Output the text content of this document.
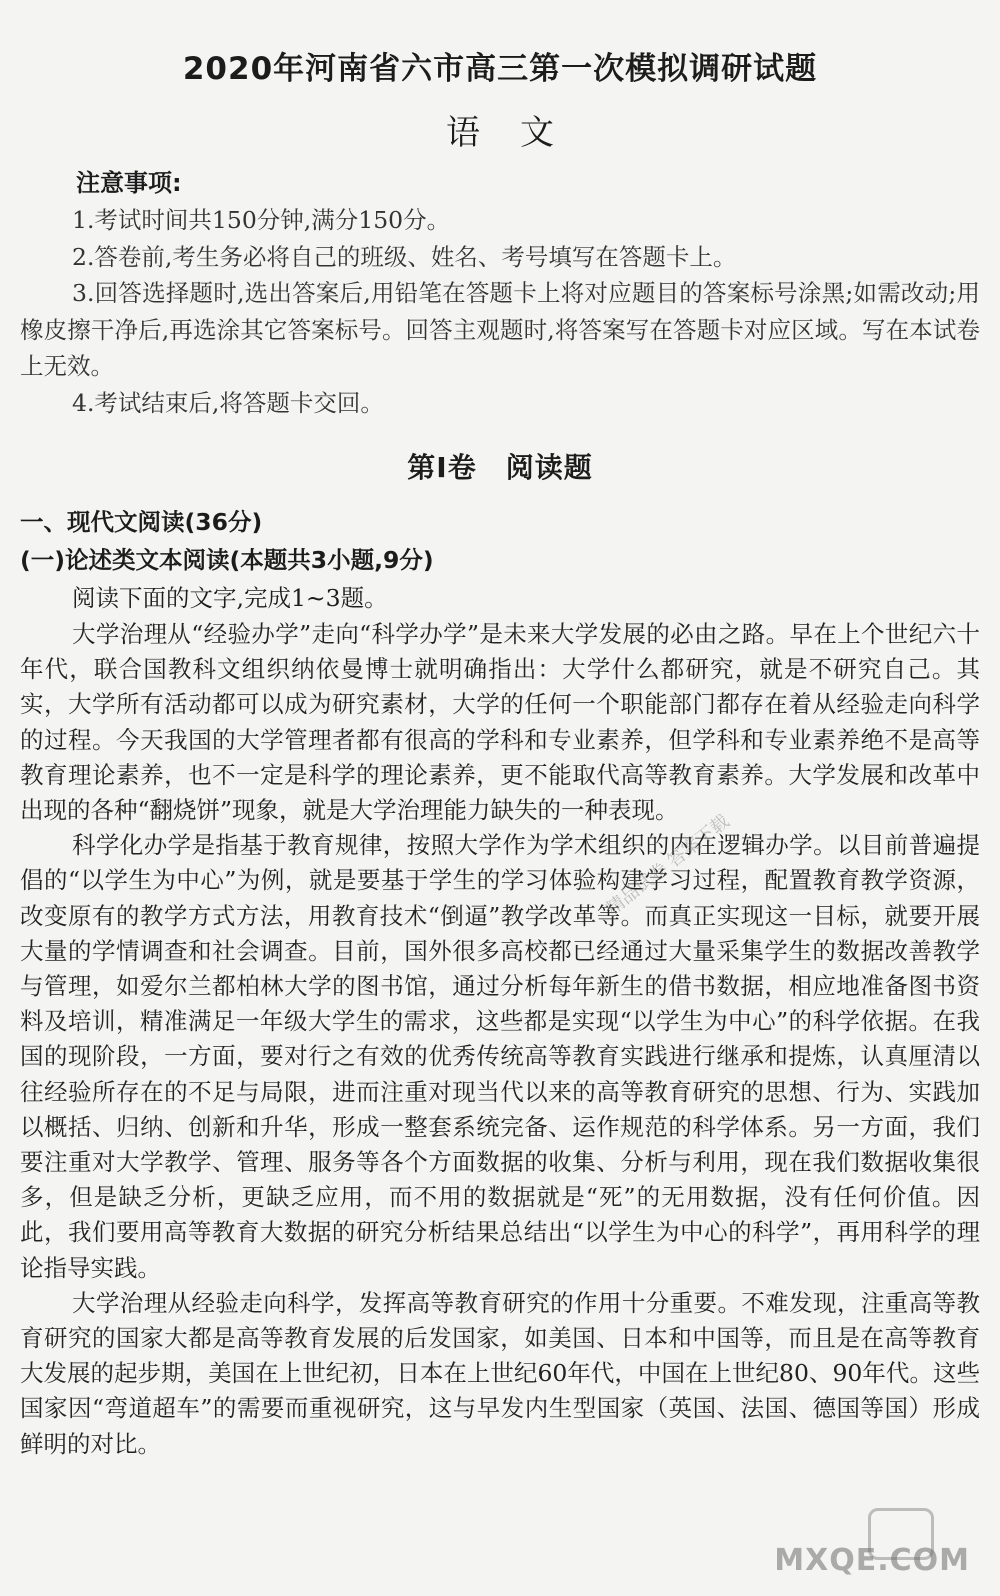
2020年河南省六市高三第一次模拟调研试题
语文
注意事项:

1.考试时间共150分钟,满分150分。

2.答卷前,考生务必将自己的班级、姓名、考号填写在答题卡上。

3.回答选择题时,选出答案后,用铅笔在答题卡上将对应题目的答案标号涂黑;如需改动;用橡皮擦干净后,再选涂其它答案标号。回答主观题时,将答案写在答题卡对应区域。写在本试卷上无效。

4.考试结束后,将答题卡交回。

第I卷　阅读题
一、现代文阅读(36分)
(一)论述类文本阅读(本题共3小题,9分)

阅读下面的文字,完成1~3题。

大学治理从“经验办学”走向“科学办学”是未来大学发展的必由之路。早在上个世纪六十年代，联合国教科文组织纳依曼博士就明确指出：大学什么都研究，就是不研究自己。其实，大学所有活动都可以成为研究素材，大学的任何一个职能部门都存在着从经验走向科学的过程。今天我国的大学管理者都有很高的学科和专业素养，但学科和专业素养绝不是高等教育理论素养，也不一定是科学的理论素养，更不能取代高等教育素养。大学发展和改革中出现的各种“翻烧饼”现象，就是大学治理能力缺失的一种表现。

科学化办学是指基于教育规律，按照大学作为学术组织的内在逻辑办学。以目前普遍提倡的“以学生为中心”为例，就是要基于学生的学习体验构建学习过程，配置教育教学资源，改变原有的教学方式方法，用教育技术“倒逼”教学改革等。而真正实现这一目标，就要开展大量的学情调查和社会调查。目前，国外很多高校都已经通过大量采集学生的数据改善教学与管理，如爱尔兰都柏林大学的图书馆，通过分析每年新生的借书数据，相应地准备图书资料及培训，精准满足一年级大学生的需求，这些都是实现“以学生为中心”的科学依据。在我国的现阶段，一方面，要对行之有效的优秀传统高等教育实践进行继承和提炼，认真厘清以往经验所存在的不足与局限，进而注重对现当代以来的高等教育研究的思想、行为、实践加以概括、归纳、创新和升华，形成一整套系统完备、运作规范的科学体系。另一方面，我们要注重对大学教学、管理、服务等各个方面数据的收集、分析与利用，现在我们数据收集很多，但是缺乏分析，更缺乏应用，而不用的数据就是“死”的无用数据，没有任何价值。因此，我们要用高等教育大数据的研究分析结果总结出“以学生为中心的科学”，再用科学的理论指导实践。

大学治理从经验走向科学，发挥高等教育研究的作用十分重要。不难发现，注重高等教育研究的国家大都是高等教育发展的后发国家，如美国、日本和中国等，而且是在高等教育大发展的起步期，美国在上世纪初，日本在上世纪60年代，中国在上世纪80、90年代。这些国家因“弯道超车”的需要而重视研究，这与早发内生型国家（英国、法国、德国等国）形成鲜明的对比。

精品试卷 答案下载
MXQE.COM
